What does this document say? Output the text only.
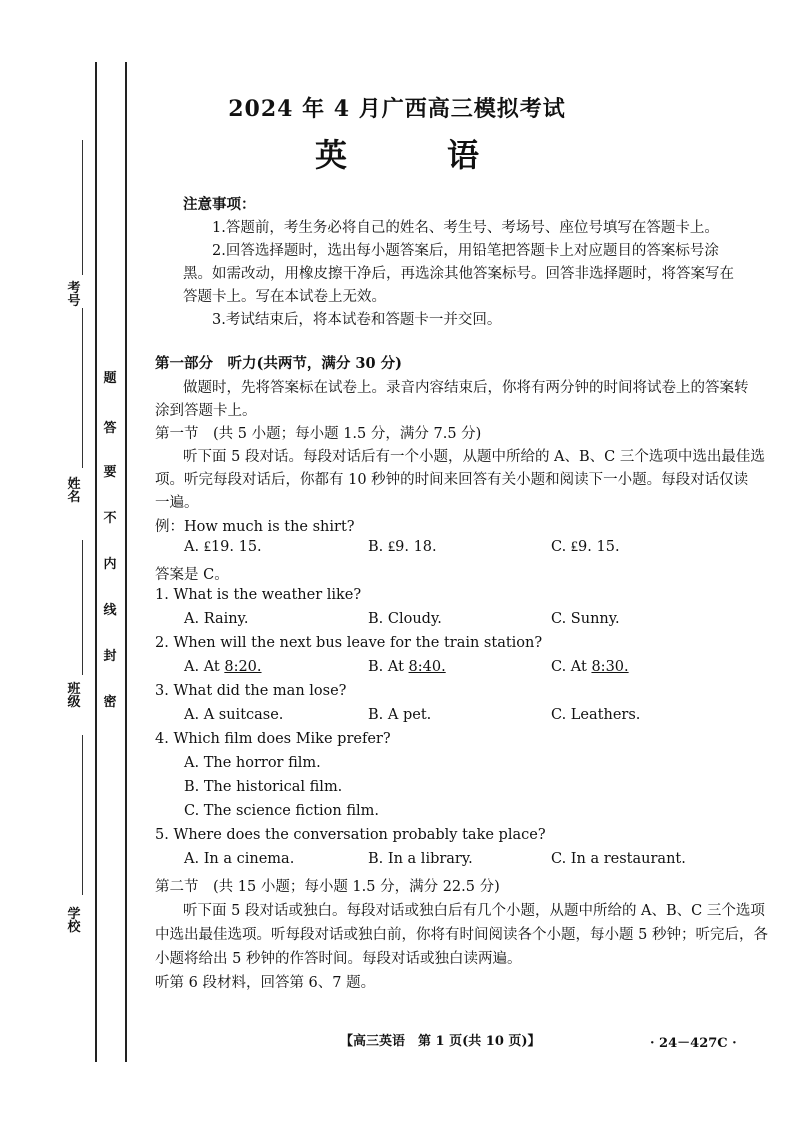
考号
姓名
班级
学校
题
答
要
不
内
线
封
密
2024 年 4 月广西高三模拟考试
英　语
注意事项：
1.答题前，考生务必将自己的姓名、考生号、考场号、座位号填写在答题卡上。
2.回答选择题时，选出每小题答案后，用铅笔把答题卡上对应题目的答案标号涂
黑。如需改动，用橡皮擦干净后，再选涂其他答案标号。回答非选择题时，将答案写在
答题卡上。写在本试卷上无效。
3.考试结束后，将本试卷和答题卡一并交回。
第一部分　听力(共两节，满分 30 分)
做题时，先将答案标在试卷上。录音内容结束后，你将有两分钟的时间将试卷上的答案转
涂到答题卡上。
第一节　(共 5 小题；每小题 1.5 分，满分 7.5 分)
听下面 5 段对话。每段对话后有一个小题，从题中所给的 A、B、C 三个选项中选出最佳选
项。听完每段对话后，你都有 10 秒钟的时间来回答有关小题和阅读下一小题。每段对话仅读
一遍。
例：How much is the shirt?
A. ₤19. 15.	B. ₤9. 18.	C. ₤9. 15.
答案是 C。
1. What is the weather like?
A. Rainy.	B. Cloudy.	C. Sunny.
2. When will the next bus leave for the train station?
A. At 8:20.	B. At 8:40.	C. At 8:30.
3. What did the man lose?
A. A suitcase.	B. A pet.	C. Leathers.
4. Which film does Mike prefer?
A. The horror film.
B. The historical film.
C. The science fiction film.
5. Where does the conversation probably take place?
A. In a cinema.	B. In a library.	C. In a restaurant.
第二节　(共 15 小题；每小题 1.5 分，满分 22.5 分)
听下面 5 段对话或独白。每段对话或独白后有几个小题，从题中所给的 A、B、C 三个选项
中选出最佳选项。听每段对话或独白前，你将有时间阅读各个小题，每小题 5 秒钟；听完后，各
小题将给出 5 秒钟的作答时间。每段对话或独白读两遍。
听第 6 段材料，回答第 6、7 题。
【高三英语　第 1 页(共 10 页)】	· 24－427C ·
